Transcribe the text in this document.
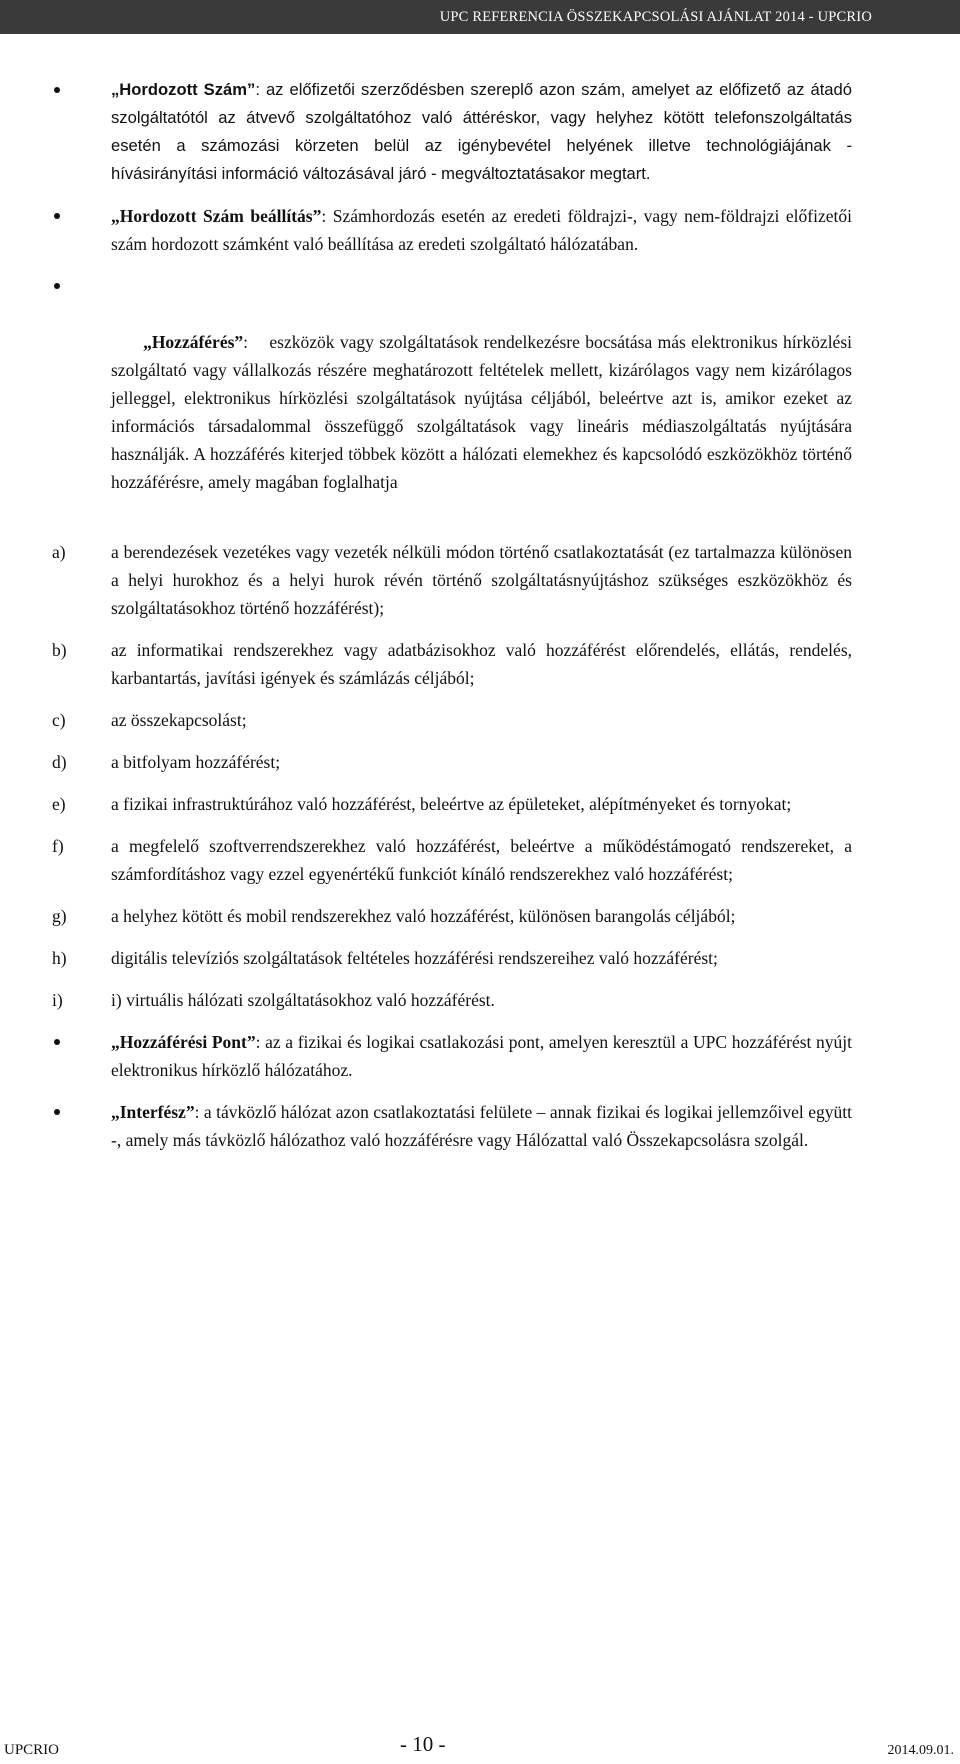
UPC REFERENCIA ÖSSZEKAPCSOLÁSI AJÁNLAT 2014 - UPCRIO

„Hordozott Szám”: az előfizetői szerződésben szereplő azon szám, amelyet az előfizető az átadó szolgáltatótól az átvevő szolgáltatóhoz való áttéréskor, vagy helyhez kötött telefonszolgáltatás esetén a számozási körzeten belül az igénybevétel helyének illetve technológiájának - hívásirányítási információ változásával járó - megváltoztatásakor megtart.

„Hordozott Szám beállítás”: Számhordozás esetén az eredeti földrajzi-, vagy nem-földrajzi előfizetői szám hordozott számként való beállítása az eredeti szolgáltató hálózatában.

„Hozzáférés”:    eszközök vagy szolgáltatások rendelkezésre bocsátása más elektronikus hírközlési szolgáltató vagy vállalkozás részére meghatározott feltételek mellett, kizárólagos vagy nem kizárólagos jelleggel, elektronikus hírközlési szolgáltatások nyújtása céljából, beleértve azt is, amikor ezeket az információs társadalommal összefüggő szolgáltatások vagy lineáris médiaszolgáltatás nyújtására használják. A hozzáférés kiterjed többek között a hálózati elemekhez és kapcsolódó eszközökhöz történő hozzáférésre, amely magában foglalhatja

a)	a berendezések vezetékes vagy vezeték nélküli módon történő csatlakoztatását (ez tartalmazza különösen a helyi hurokhoz és a helyi hurok révén történő szolgáltatásnyújtáshoz szükséges eszközökhöz és szolgáltatásokhoz történő hozzáférést);
b)	az informatikai rendszerekhez vagy adatbázisokhoz való hozzáférést előrendelés, ellátás, rendelés, karbantartás, javítási igények és számlázás céljából;
c)	az összekapcsolást;
d)	a bitfolyam hozzáférést;
e)	a fizikai infrastruktúrához való hozzáférést, beleértve az épületeket, alépítményeket és tornyokat;
f)	a megfelelő szoftverrendszerekhez való hozzáférést, beleértve a működéstámogató rendszereket, a számfordításhoz vagy ezzel egyenértékű funkciót kínáló rendszerekhez való hozzáférést;
g)	a helyhez kötött és mobil rendszerekhez való hozzáférést, különösen barangolás céljából;
h)	digitális televíziós szolgáltatások feltételes hozzáférési rendszereihez való hozzáférést;
i)	i) virtuális hálózati szolgáltatásokhoz való hozzáférést.

„Hozzáférési Pont”: az a fizikai és logikai csatlakozási pont, amelyen keresztül a UPC hozzáférést nyújt elektronikus hírközlő hálózatához.

„Interfész”: a távközlő hálózat azon csatlakoztatási felülete – annak fizikai és logikai jellemzőivel együtt -, amely más távközlő hálózathoz való hozzáférésre vagy Hálózattal való Összekapcsolásra szolgál.

UPCRIO	- 10 -	2014.09.01.
